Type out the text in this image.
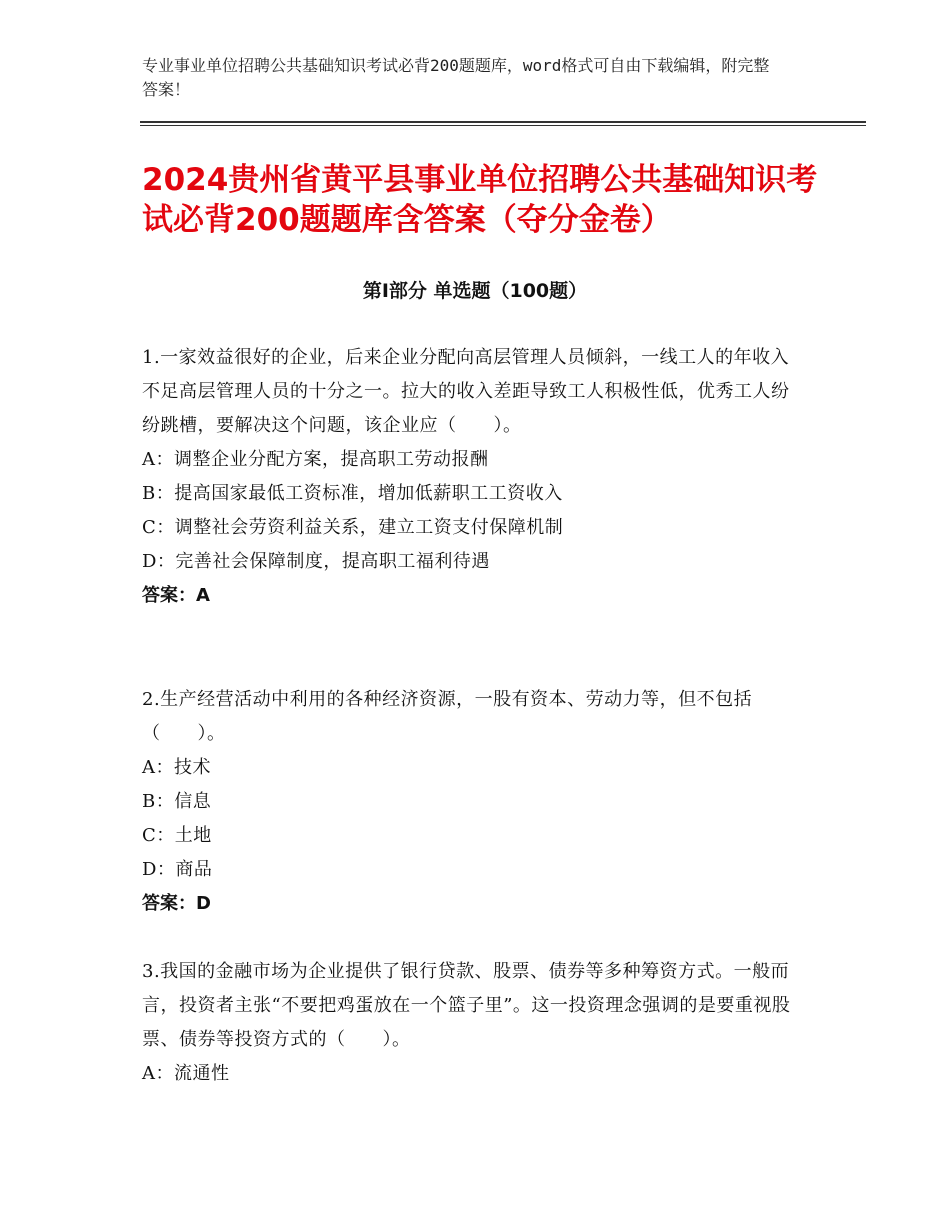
专业事业单位招聘公共基础知识考试必背200题题库，word格式可自由下载编辑，附完整答案！
2024贵州省黄平县事业单位招聘公共基础知识考试必背200题题库含答案（夺分金卷）
第Ⅰ部分 单选题（100题）

1.一家效益很好的企业，后来企业分配向高层管理人员倾斜，一线工人的年收入不足高层管理人员的十分之一。拉大的收入差距导致工人积极性低，优秀工人纷纷跳槽，要解决这个问题，该企业应（　　）。

A：调整企业分配方案，提高职工劳动报酬

B：提高国家最低工资标准，增加低薪职工工资收入

C：调整社会劳资利益关系，建立工资支付保障机制

D：完善社会保障制度，提高职工福利待遇

答案：A

2.生产经营活动中利用的各种经济资源，一股有资本、劳动力等，但不包括（　　）。

A：技术

B：信息

C：土地

D：商品

答案：D

3.我国的金融市场为企业提供了银行贷款、股票、债券等多种筹资方式。一般而言，投资者主张“不要把鸡蛋放在一个篮子里”。这一投资理念强调的是要重视股票、债券等投资方式的（　　）。

A：流通性
